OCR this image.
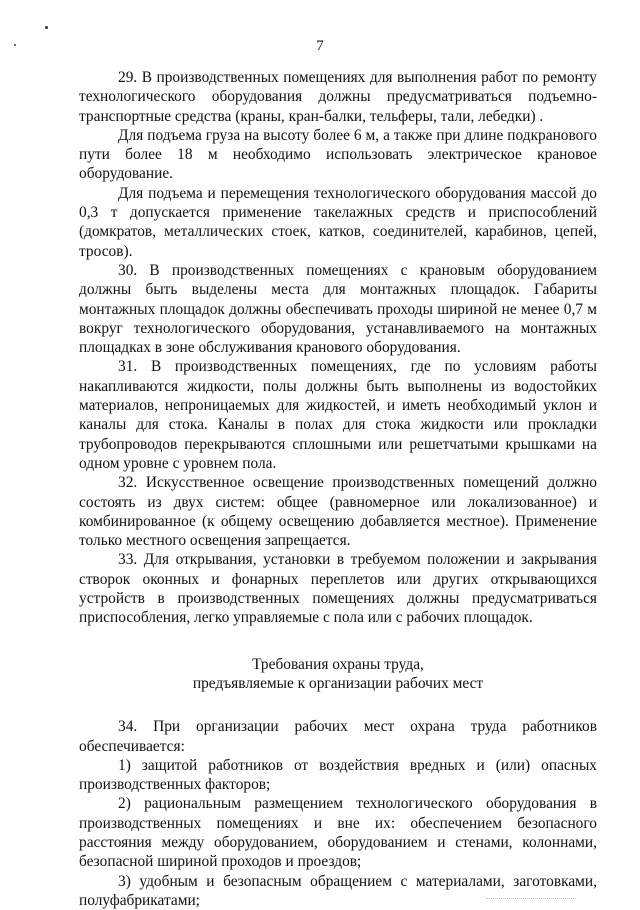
7

29. В производственных помещениях для выполнения работ по ремонту технологического оборудования должны предусматриваться подъемно-транспортные средства (краны, кран-балки, тельферы, тали, лебедки) .

Для подъема груза на высоту более 6 м, а также при длине подкранового пути более 18 м необходимо использовать электрическое крановое оборудование.

Для подъема и перемещения технологического оборудования массой до 0,3 т допускается применение такелажных средств и приспособлений (домкратов, металлических стоек, катков, соединителей, карабинов, цепей, тросов).

30. В производственных помещениях с крановым оборудованием должны быть выделены места для монтажных площадок. Габариты монтажных площадок должны обеспечивать проходы шириной не менее 0,7 м вокруг технологического оборудования, устанавливаемого на монтажных площадках в зоне обслуживания кранового оборудования.

31. В производственных помещениях, где по условиям работы накапливаются жидкости, полы должны быть выполнены из водостойких материалов, непроницаемых для жидкостей, и иметь необходимый уклон и каналы для стока. Каналы в полах для стока жидкости или прокладки трубопроводов перекрываются сплошными или решетчатыми крышками на одном уровне с уровнем пола.

32. Искусственное освещение производственных помещений должно состоять из двух систем: общее (равномерное или локализованное) и комбинированное (к общему освещению добавляется местное). Применение только местного освещения запрещается.

33. Для открывания, установки в требуемом положении и закрывания створок оконных и фонарных переплетов или других открывающихся устройств в производственных помещениях должны предусматриваться приспособления, легко управляемые с пола или с рабочих площадок.

Требования охраны труда,
предъявляемые к организации рабочих мест

34. При организации рабочих мест охрана труда работников обеспечивается:

1) защитой работников от воздействия вредных и (или) опасных производственных факторов;

2) рациональным размещением технологического оборудования в производственных помещениях и вне их: обеспечением безопасного расстояния между оборудованием, оборудованием и стенами, колоннами, безопасной шириной проходов и проездов;

3) удобным и безопасным обращением с материалами, заготовками, полуфабрикатами;
